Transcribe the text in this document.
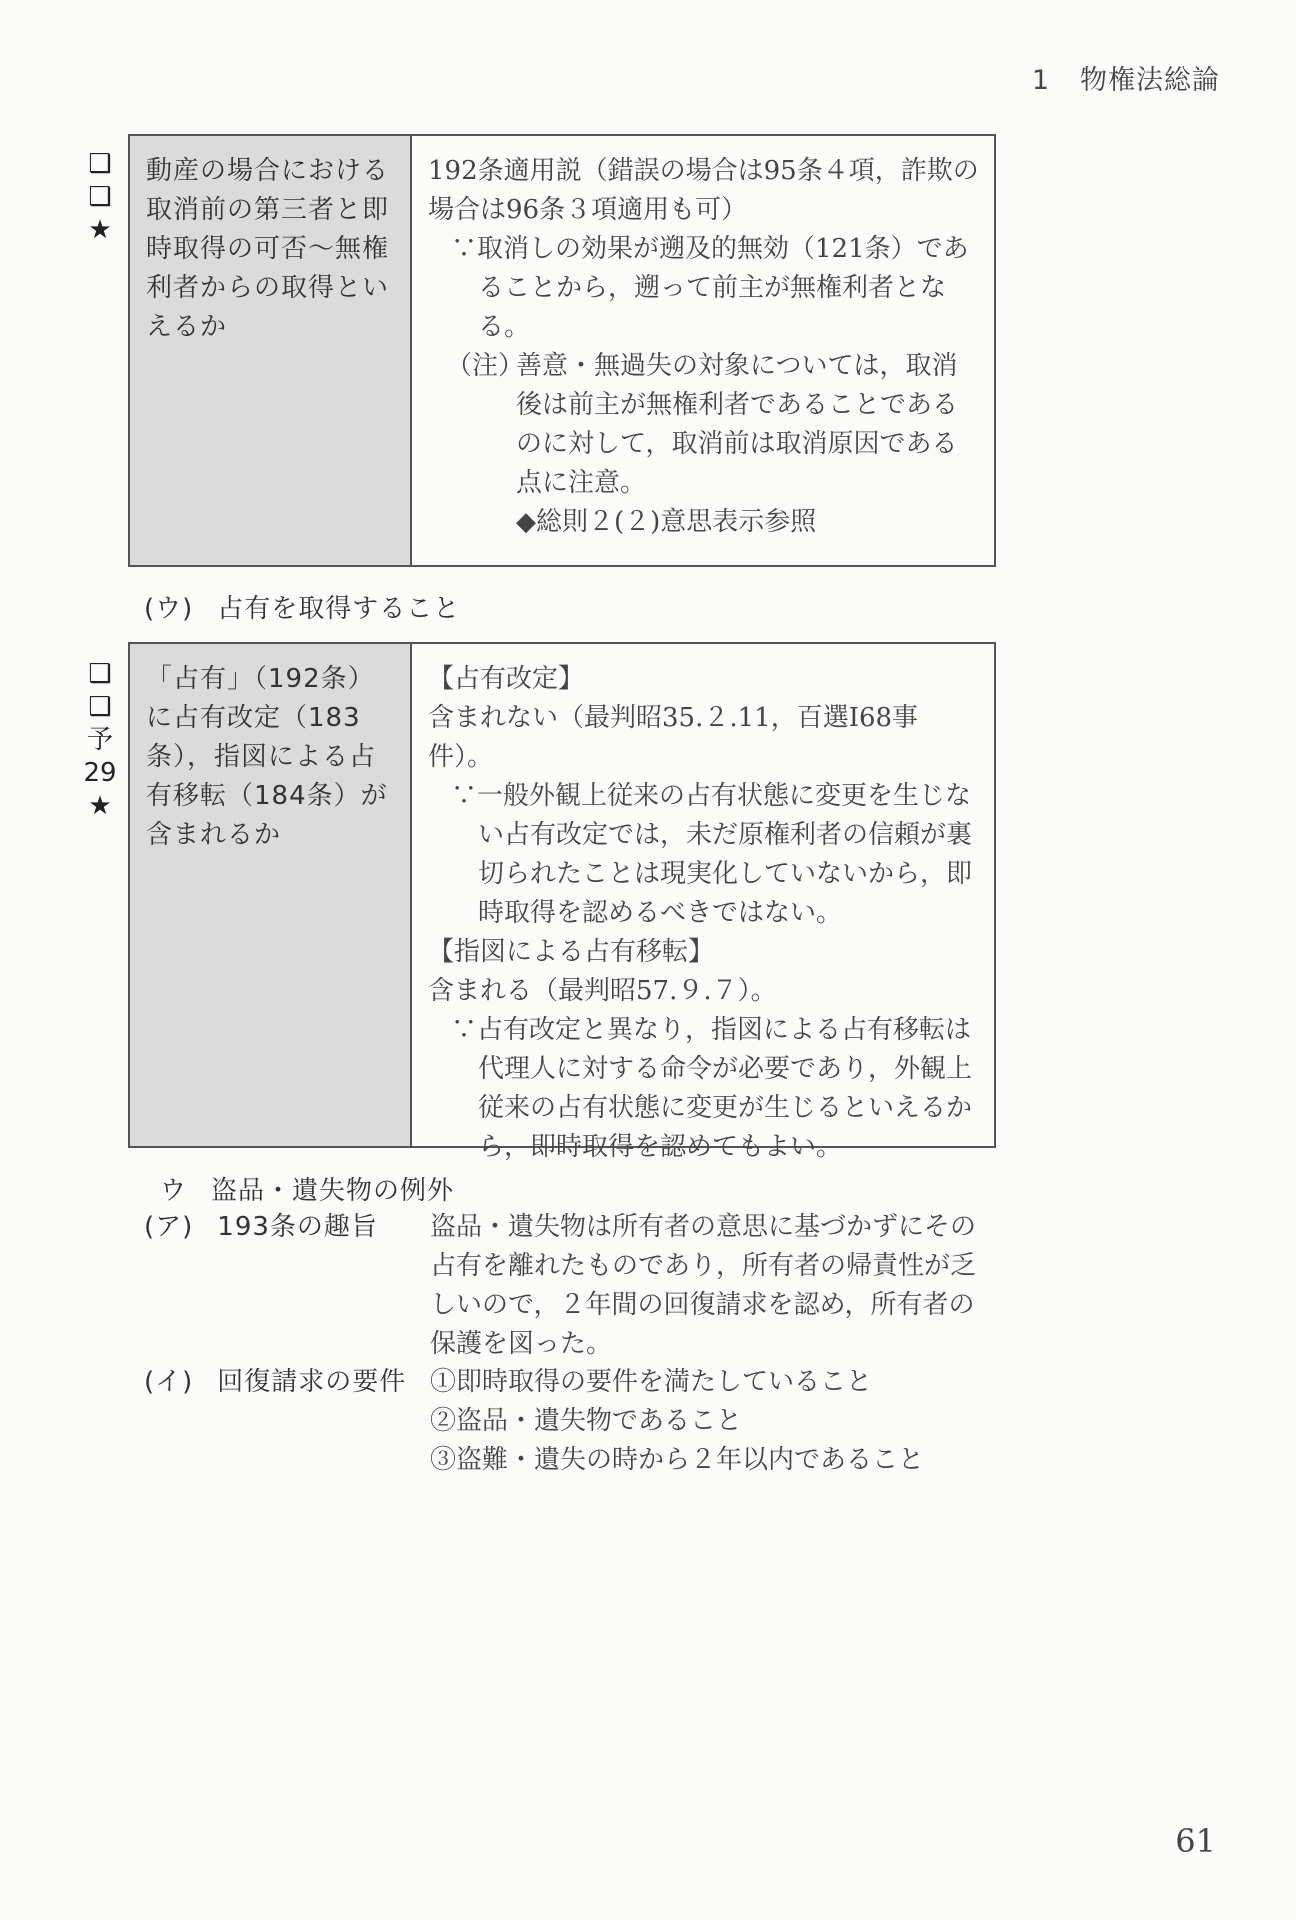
1 物権法総論
❑
❑
★
動産の場合における取消前の第三者と即時取得の可否〜無権利者からの取得といえるか
192条適用説（錯誤の場合は95条４項，詐欺の場合は96条３項適用も可）
∵取消しの効果が遡及的無効（121条）であることから，遡って前主が無権利者となる。
（注）
善意・無過失の対象については，取消後は前主が無権利者であることであるのに対して，取消前は取消原因である点に注意。
◆総則２(２)意思表示参照
(ウ) 占有を取得すること
❑
❑
予
29
★
「占有」（192条）に占有改定（183条），指図による占有移転（184条）が含まれるか
【占有改定】
含まれない（最判昭35.２.11，百選Ⅰ68事件）。
∵一般外観上従来の占有状態に変更を生じない占有改定では，未だ原権利者の信頼が裏切られたことは現実化していないから，即時取得を認めるべきではない。
【指図による占有移転】
含まれる（最判昭57.９.７）。
∵占有改定と異なり，指図による占有移転は代理人に対する命令が必要であり，外観上従来の占有状態に変更が生じるといえるから，即時取得を認めてもよい。
ウ 盗品・遺失物の例外
(ア) 193条の趣旨	盗品・遺失物は所有者の意思に基づかずにその占有を離れたものであり，所有者の帰責性が乏しいので，２年間の回復請求を認め，所有者の保護を図った。
(イ) 回復請求の要件 ①即時取得の要件を満たしていること
②盗品・遺失物であること
③盗難・遺失の時から２年以内であること
61
